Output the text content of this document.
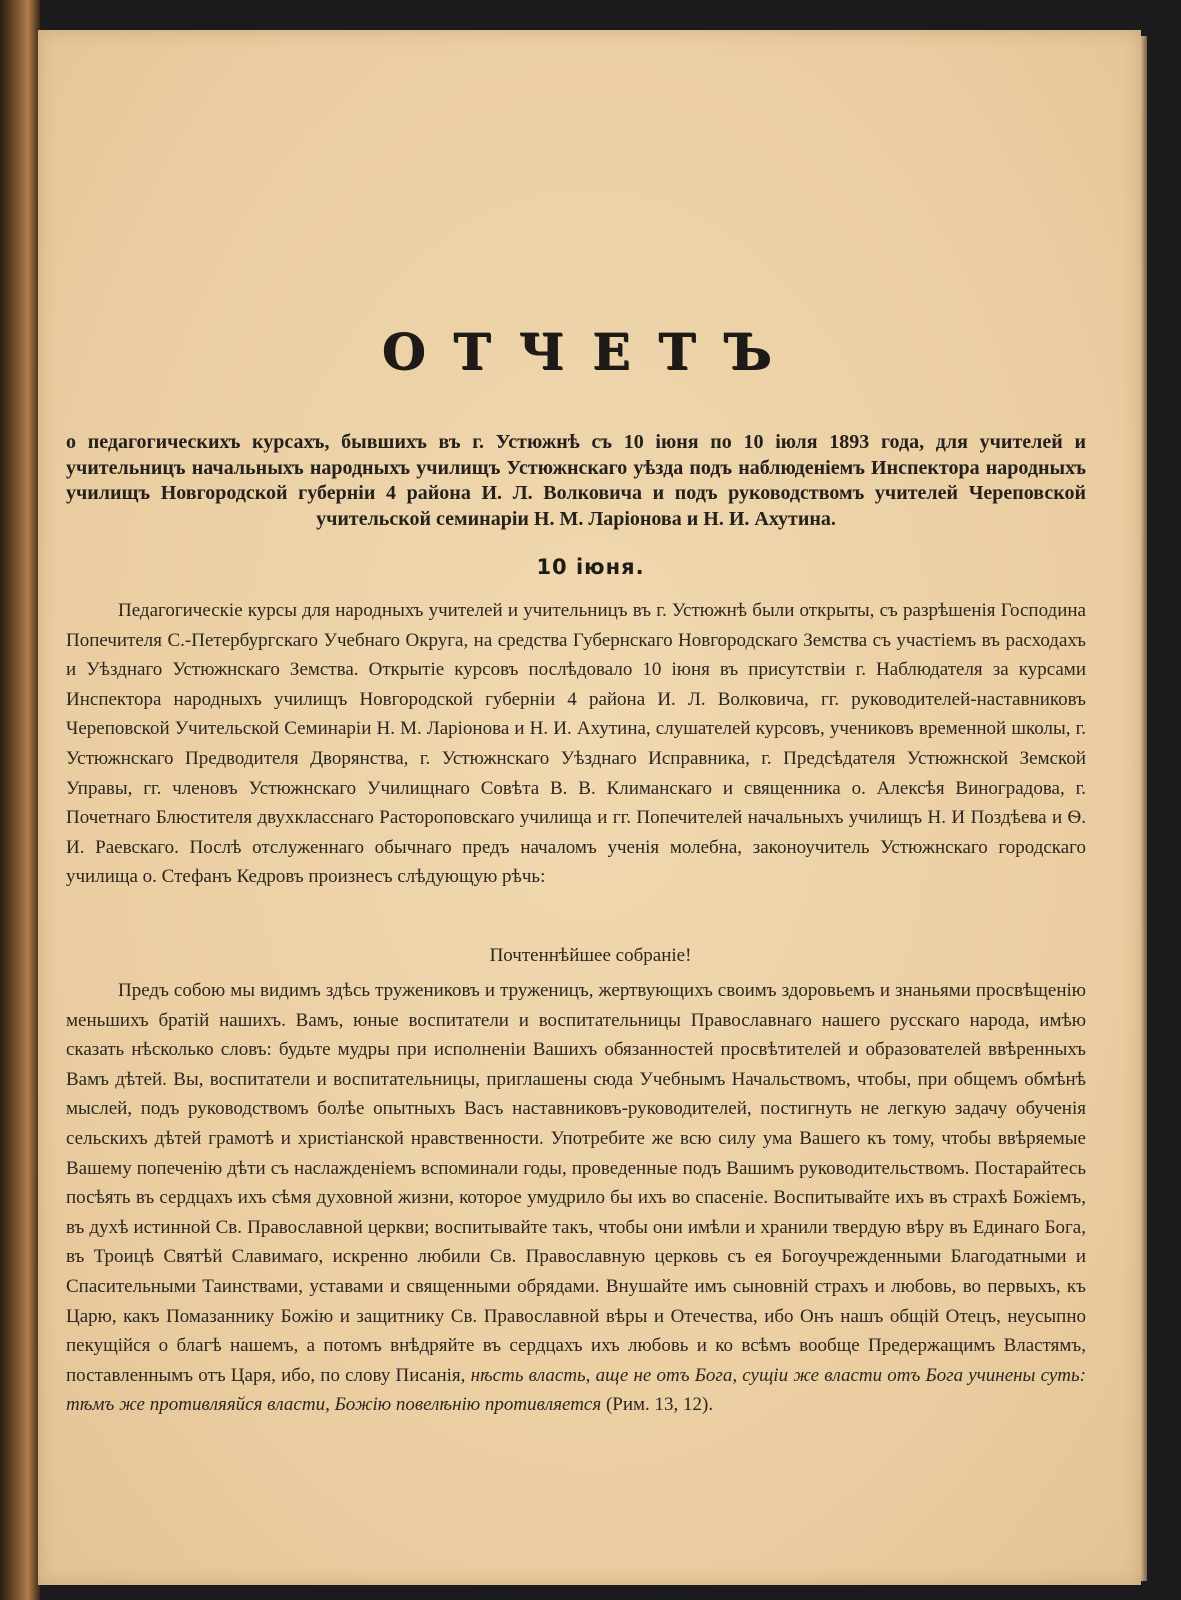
ОТЧЕТЪ
о педагогическихъ курсахъ, бывшихъ въ г. Устюжнѣ съ 10 іюня по 10 іюля 1893 года, для учителей и учительницъ начальныхъ народныхъ училищъ Устюжнскаго уѣзда подъ наблюденіемъ Инспектора народныхъ училищъ Новгородской губерніи 4 района И. Л. Волковича и подъ руководствомъ учителей Череповской учительской семинаріи Н. М. Ларіонова и Н. И. Ахутина.
10 іюня.

Педагогическіе курсы для народныхъ учителей и учительницъ въ г. Устюжнѣ были открыты, съ разрѣшенія Господина Попечителя С.-Петербургскаго Учебнаго Округа, на средства Губернскаго Новгородскаго Земства съ участіемъ въ расходахъ и Уѣзднаго Устюжнскаго Земства. Открытіе курсовъ послѣдовало 10 іюня въ присутствіи г. Наблюдателя за курсами Инспектора народныхъ училищъ Новгородской губерніи 4 района И. Л. Волковича, гг. руководителей-наставниковъ Череповской Учительской Семинаріи Н. М. Ларіонова и Н. И. Ахутина, слушателей курсовъ, учениковъ временной школы, г. Устюжнскаго Предводителя Дворянства, г. Устюжнскаго Уѣзднаго Исправника, г. Предсѣдателя Устюжнской Земской Управы, гг. членовъ Устюжнскаго Училищнаго Совѣта В. В. Климанскаго и священника о. Алексѣя Виноградова, г. Почетнаго Блюстителя двухкласснаго Растороповскаго училища и гг. Попечителей начальныхъ училищъ Н. И Поздѣева и Ѳ. И. Раевскаго. Послѣ отслуженнаго обычнаго предъ началомъ ученія молебна, законоучитель Устюжнскаго городскаго училища о. Стефанъ Кедровъ произнесъ слѣдующую рѣчь:

Почтеннѣйшее собраніе!

Предъ собою мы видимъ здѣсь тружениковъ и труженицъ, жертвующихъ своимъ здоровьемъ и знаньями просвѣщенію меньшихъ братій нашихъ. Вамъ, юные воспитатели и воспитательницы Православнаго нашего русскаго народа, имѣю сказать нѣсколько словъ: будьте мудры при исполненіи Вашихъ обязанностей просвѣтителей и образователей ввѣренныхъ Вамъ дѣтей. Вы, воспитатели и воспитательницы, приглашены сюда Учебнымъ Начальствомъ, чтобы, при общемъ обмѣнѣ мыслей, подъ руководствомъ болѣе опытныхъ Васъ наставниковъ-руководителей, постигнуть не легкую задачу обученія сельскихъ дѣтей грамотѣ и христіанской нравственности. Употребите же всю силу ума Вашего къ тому, чтобы ввѣряемые Вашему попеченію дѣти съ наслажденіемъ вспоминали годы, проведенные подъ Вашимъ руководительствомъ. Постарайтесь посѣять въ сердцахъ ихъ сѣмя духовной жизни, которое умудрило бы ихъ во спасеніе. Воспитывайте ихъ въ страхѣ Божіемъ, въ духѣ истинной Св. Православной церкви; воспитывайте такъ, чтобы они имѣли и хранили твердую вѣру въ Единаго Бога, въ Троицѣ Святѣй Славимаго, искренно любили Св. Православную церковь съ ея Богоучрежденными Благодатными и Спасительными Таинствами, уставами и священными обрядами. Внушайте имъ сыновній страхъ и любовь, во первыхъ, къ Царю, какъ Помазаннику Божію и защитнику Св. Православной вѣры и Отечества, ибо Онъ нашъ общій Отецъ, неусыпно пекущійся о благѣ нашемъ, а потомъ внѣдряйте въ сердцахъ ихъ любовь и ко всѣмъ вообще Предержащимъ Властямъ, поставленнымъ отъ Царя, ибо, по слову Писанія, нѣсть власть, аще не отъ Бога, сущіи же власти отъ Бога учинены суть: тѣмъ же противляяйся власти, Божію повелѣнію противляется (Рим. 13, 12).
